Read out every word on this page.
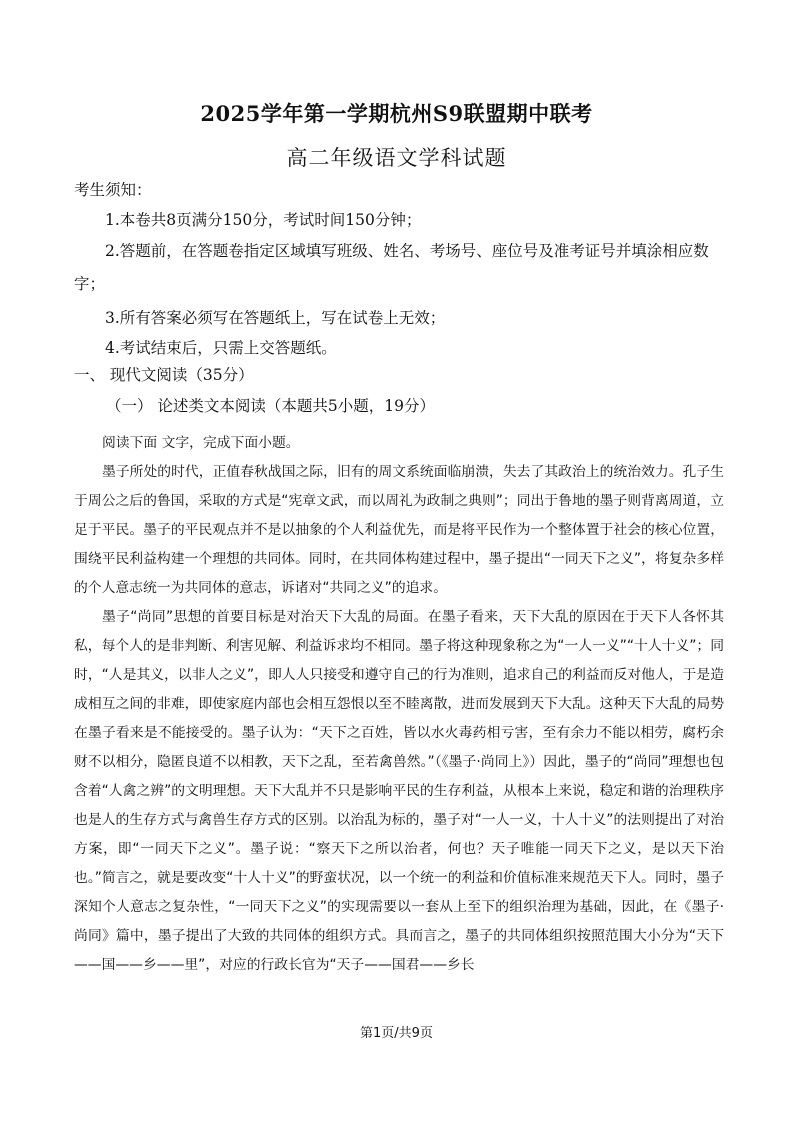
2025学年第一学期杭州S9联盟期中联考
高二年级语文学科试题

考生须知：

1.本卷共8页满分150分，考试时间150分钟；

2.答题前，在答题卷指定区域填写班级、姓名、考场号、座位号及准考证号并填涂相应数字；

3.所有答案必须写在答题纸上，写在试卷上无效；

4.考试结束后，只需上交答题纸。

一、 现代文阅读（35分）
（一） 论述类文本阅读（本题共5小题，19分）

阅读下面 文字，完成下面小题。

墨子所处的时代，正值春秋战国之际，旧有的周文系统面临崩溃，失去了其政治上的统治效力。孔子生于周公之后的鲁国，采取的方式是“宪章文武，而以周礼为政制之典则”；同出于鲁地的墨子则背离周道，立足于平民。墨子的平民观点并不是以抽象的个人利益优先，而是将平民作为一个整体置于社会的核心位置，围绕平民利益构建一个理想的共同体。同时，在共同体构建过程中，墨子提出“一同天下之义”，将复杂多样的个人意志统一为共同体的意志，诉诸对“共同之义”的追求。

墨子“尚同”思想的首要目标是对治天下大乱的局面。在墨子看来，天下大乱的原因在于天下人各怀其私，每个人的是非判断、利害见解、利益诉求均不相同。墨子将这种现象称之为“一人一义”“十人十义”；同时，“人是其义，以非人之义”，即人人只接受和遵守自己的行为准则，追求自己的利益而反对他人，于是造成相互之间的非难，即使家庭内部也会相互怨恨以至不睦离散，进而发展到天下大乱。这种天下大乱的局势在墨子看来是不能接受的。墨子认为：“天下之百姓，皆以水火毒药相亏害，至有余力不能以相劳，腐朽余财不以相分，隐匿良道不以相教，天下之乱，至若禽兽然。”（《墨子·尚同上》）因此，墨子的“尚同”理想也包含着“人禽之辨”的文明理想。天下大乱并不只是影响平民的生存利益，从根本上来说，稳定和谐的治理秩序也是人的生存方式与禽兽生存方式的区别。以治乱为标的，墨子对“一人一义，十人十义”的法则提出了对治方案，即“一同天下之义”。墨子说：“察天下之所以治者，何也？天子唯能一同天下之义，是以天下治也。”简言之，就是要改变“十人十义”的野蛮状况，以一个统一的利益和价值标准来规范天下人。同时，墨子深知个人意志之复杂性，“一同天下之义”的实现需要以一套从上至下的组织治理为基础，因此，在《墨子·尚同》篇中，墨子提出了大致的共同体的组织方式。具而言之，墨子的共同体组织按照范围大小分为“天下——国——乡——里”，对应的行政长官为“天子——国君——乡长

第1页/共9页
